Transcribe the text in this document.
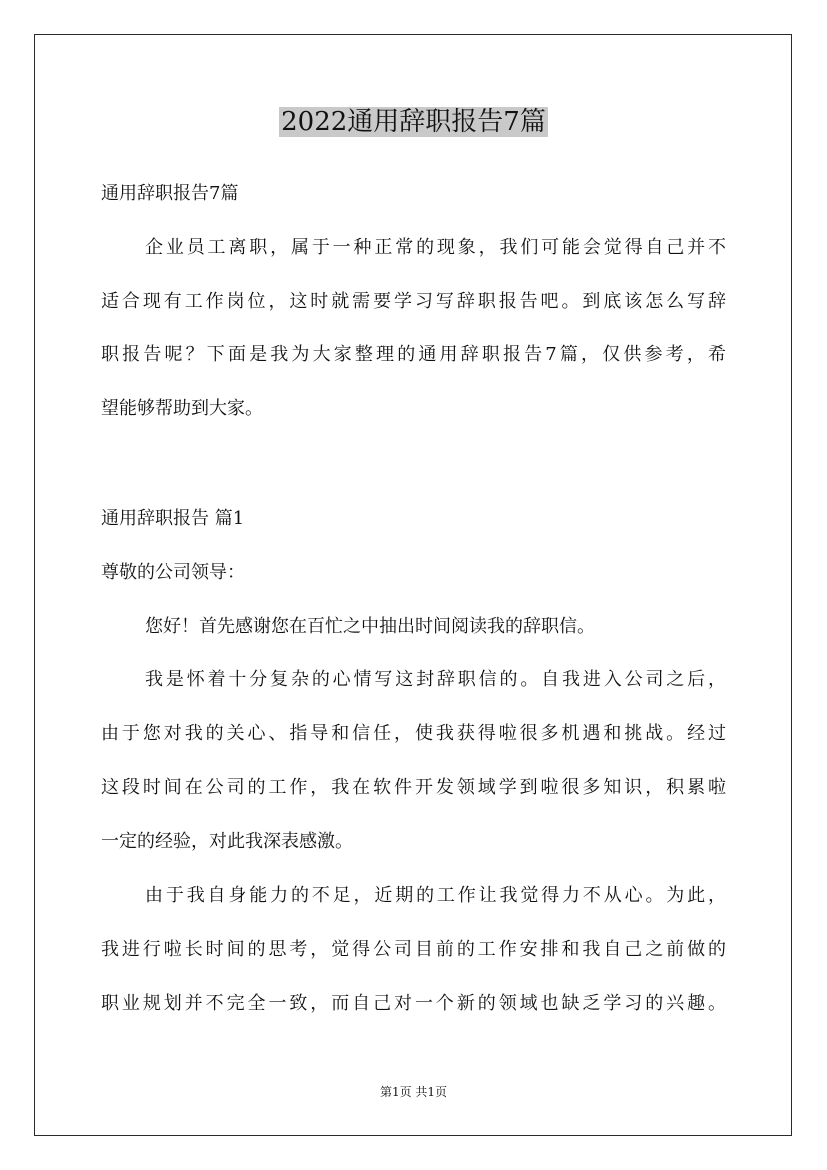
2022通用辞职报告7篇
通用辞职报告7篇
企业员工离职，属于一种正常的现象，我们可能会觉得自己并不
适合现有工作岗位，这时就需要学习写辞职报告吧。到底该怎么写辞
职报告呢？下面是我为大家整理的通用辞职报告7篇，仅供参考，希
望能够帮助到大家。
通用辞职报告 篇1
尊敬的公司领导：
您好！首先感谢您在百忙之中抽出时间阅读我的辞职信。
我是怀着十分复杂的心情写这封辞职信的。自我进入公司之后，
由于您对我的关心、指导和信任，使我获得啦很多机遇和挑战。经过
这段时间在公司的工作，我在软件开发领域学到啦很多知识，积累啦
一定的经验，对此我深表感激。
由于我自身能力的不足，近期的工作让我觉得力不从心。为此，
我进行啦长时间的思考，觉得公司目前的工作安排和我自己之前做的
职业规划并不完全一致，而自己对一个新的领域也缺乏学习的兴趣。
第1页 共1页
